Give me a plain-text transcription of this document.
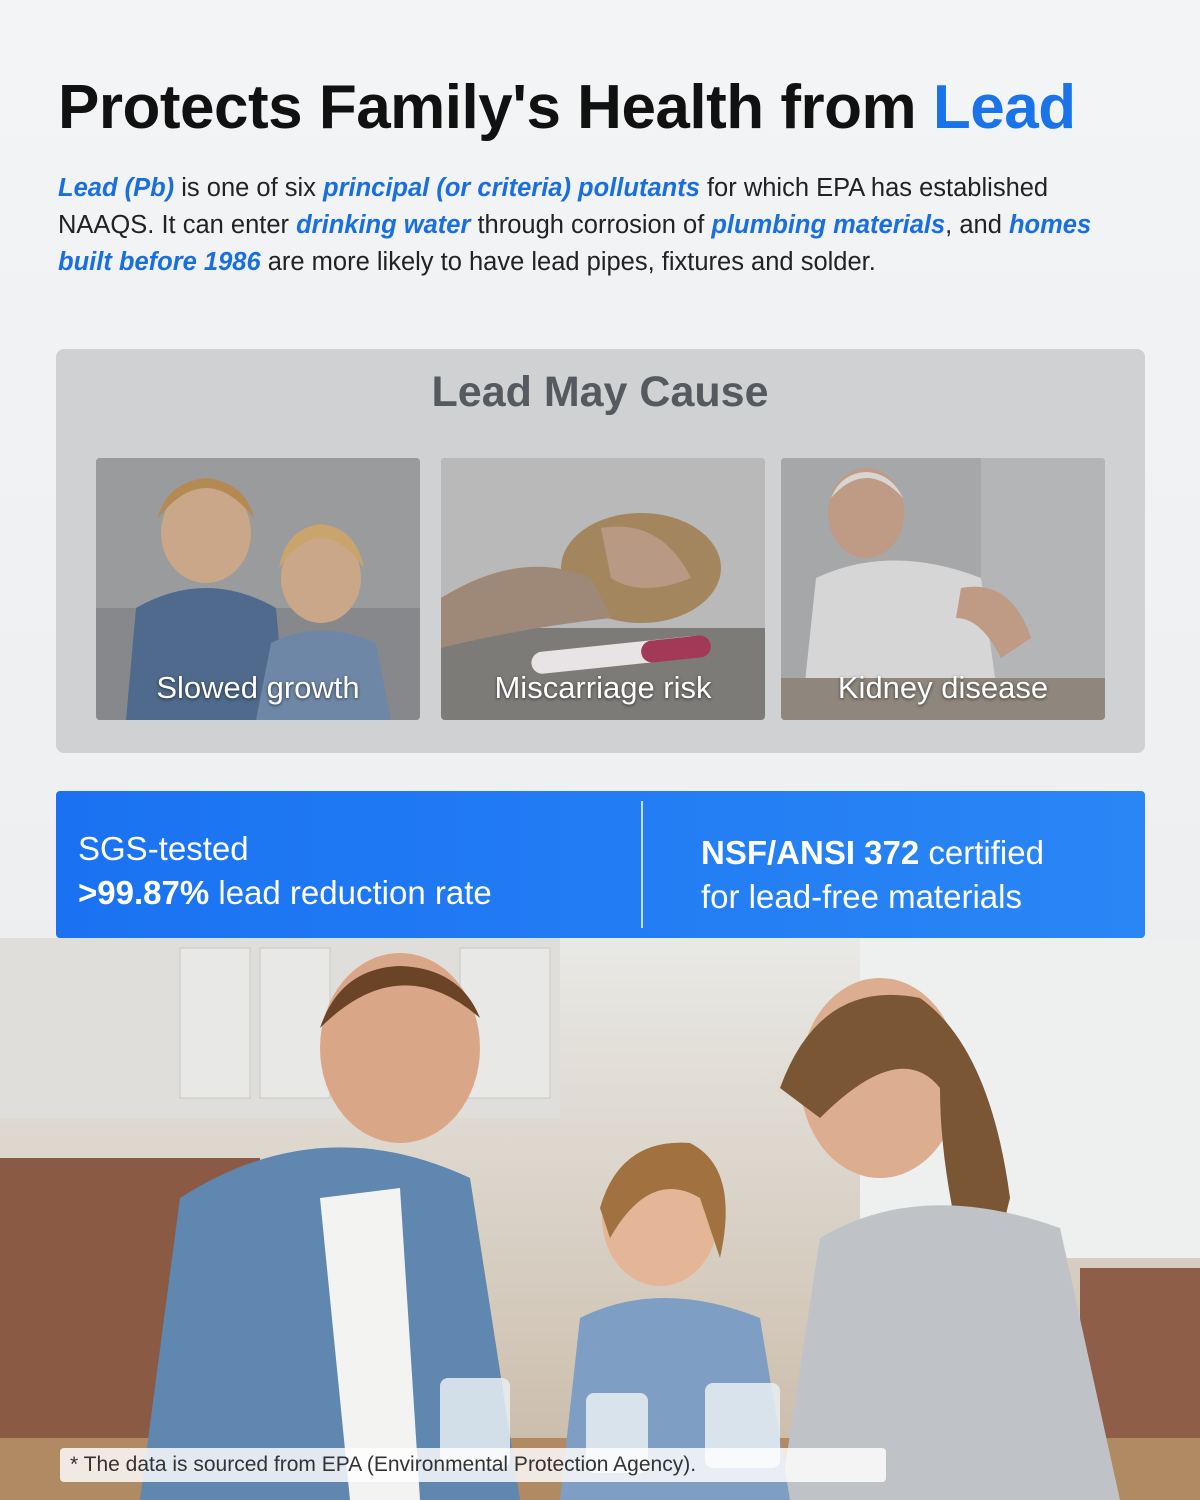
Protects Family's Health from Lead

Lead (Pb) is one of six principal (or criteria) pollutants for which EPA has established NAAQS. It can enter drinking water through corrosion of plumbing materials, and homes built before 1986 are more likely to have lead pipes, fixtures and solder.

Lead May Cause
Slowed growth	Miscarriage risk	Kidney disease
SGS-tested
>99.87% lead reduction rate
NSF/ANSI 372 certified
for lead-free materials
* The data is sourced from EPA (Environmental Protection Agency).
